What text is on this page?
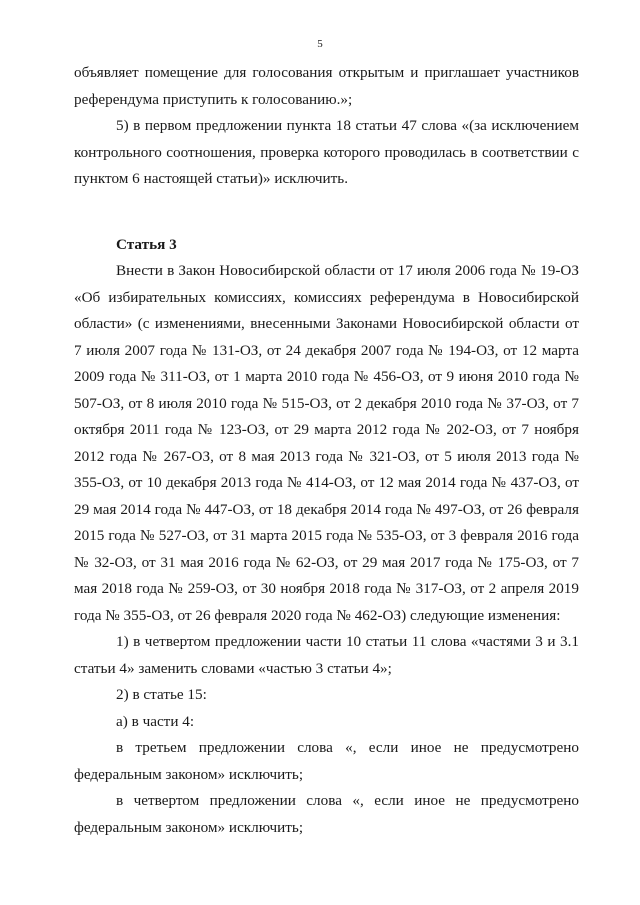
5

объявляет помещение для голосования открытым и приглашает участников референдума приступить к голосованию.»;

5) в первом предложении пункта 18 статьи 47 слова «(за исключением контрольного соотношения, проверка которого проводилась в соответствии с пунктом 6 настоящей статьи)» исключить.

Статья 3

Внести в Закон Новосибирской области от 17 июля 2006 года № 19-ОЗ «Об избирательных комиссиях, комиссиях референдума в Новосибирской области» (с изменениями, внесенными Законами Новосибирской области от 7 июля 2007 года № 131-ОЗ, от 24 декабря 2007 года № 194-ОЗ, от 12 марта 2009 года № 311-ОЗ, от 1 марта 2010 года № 456-ОЗ, от 9 июня 2010 года № 507-ОЗ, от 8 июля 2010 года № 515-ОЗ, от 2 декабря 2010 года № 37-ОЗ, от 7 октября 2011 года № 123-ОЗ, от 29 марта 2012 года № 202-ОЗ, от 7 ноября 2012 года № 267-ОЗ, от 8 мая 2013 года № 321-ОЗ, от 5 июля 2013 года № 355-ОЗ, от 10 декабря 2013 года № 414-ОЗ, от 12 мая 2014 года № 437-ОЗ, от 29 мая 2014 года № 447-ОЗ, от 18 декабря 2014 года № 497-ОЗ, от 26 февраля 2015 года № 527-ОЗ, от 31 марта 2015 года № 535-ОЗ, от 3 февраля 2016 года № 32-ОЗ, от 31 мая 2016 года № 62-ОЗ, от 29 мая 2017 года № 175-ОЗ, от 7 мая 2018 года № 259-ОЗ, от 30 ноября 2018 года № 317-ОЗ, от 2 апреля 2019 года № 355-ОЗ, от 26 февраля 2020 года № 462-ОЗ) следующие изменения:

1) в четвертом предложении части 10 статьи 11 слова «частями 3 и 3.1 статьи 4» заменить словами «частью 3 статьи 4»;

2) в статье 15:

а) в части 4:

в третьем предложении слова «, если иное не предусмотрено федеральным законом» исключить;

в четвертом предложении слова «, если иное не предусмотрено федеральным законом» исключить;
